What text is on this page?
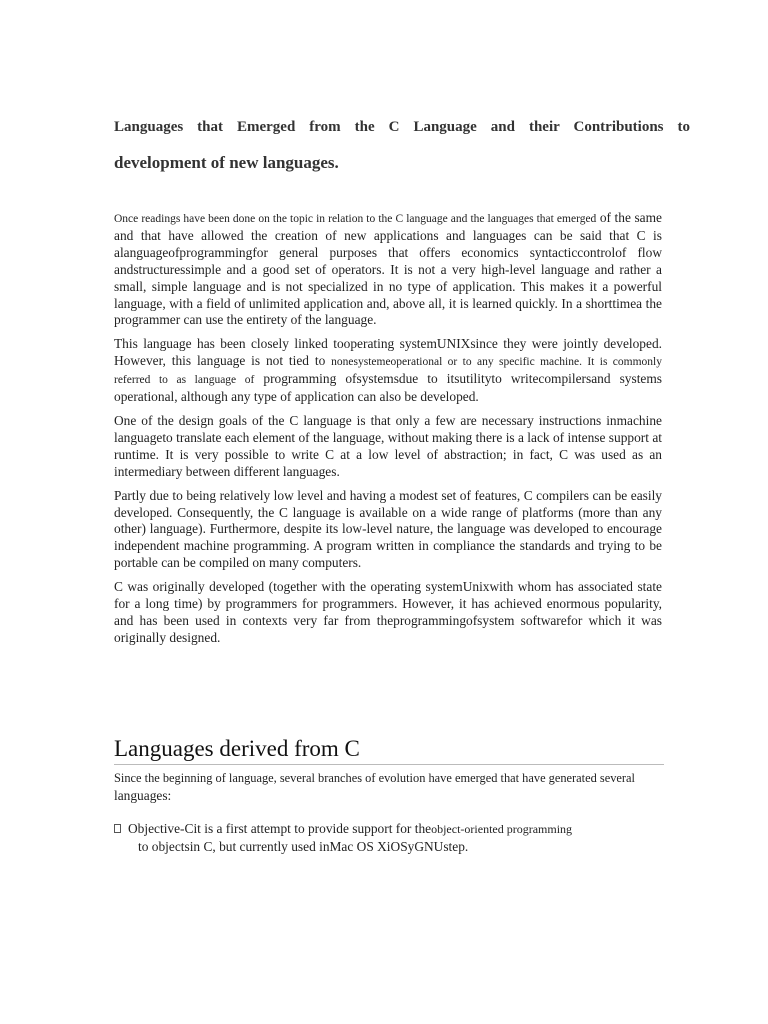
Languages that Emerged from the C Language and their Contributions to
development of new languages.

Once readings have been done on the topic in relation to the C language and the languages that emerged of the same and that have allowed the creation of new applications and languages can be said that C is alanguageofprogrammingfor general purposes that offers economics syntacticcontrolof flow andstructuressimple and a good set of operators. It is not a very high-level language and rather a small, simple language and is not specialized in no type of application. This makes it a powerful language, with a field of unlimited application and, above all, it is learned quickly. In a shorttimea the programmer can use the entirety of the language.

This language has been closely linked tooperating systemUNIXsince they were jointly developed. However, this language is not tied to nonesystemeoperational or to any specific machine. It is commonly referred to as language of programming ofsystemsdue to itsutilityto writecompilersand systems operational, although any type of application can also be developed.

One of the design goals of the C language is that only a few are necessary instructions inmachine languageto translate each element of the language, without making there is a lack of intense support at runtime. It is very possible to write C at a low level of abstraction; in fact, C was used as an intermediary between different languages.

Partly due to being relatively low level and having a modest set of features, C compilers can be easily developed. Consequently, the C language is available on a wide range of platforms (more than any other) language). Furthermore, despite its low-level nature, the language was developed to encourage independent machine programming. A program written in compliance the standards and trying to be portable can be compiled on many computers.

C was originally developed (together with the operating systemUnixwith whom has associated state for a long time) by programmers for programmers. However, it has achieved enormous popularity, and has been used in contexts very far from theprogrammingofsystem softwarefor which it was originally designed.

Languages derived from C
Since the beginning of language, several branches of evolution have emerged that have generated several
languages:
Objective-Cit is a first attempt to provide support for theobject-oriented programming
to objectsin C, but currently used inMac OS XiOSyGNUstep.
